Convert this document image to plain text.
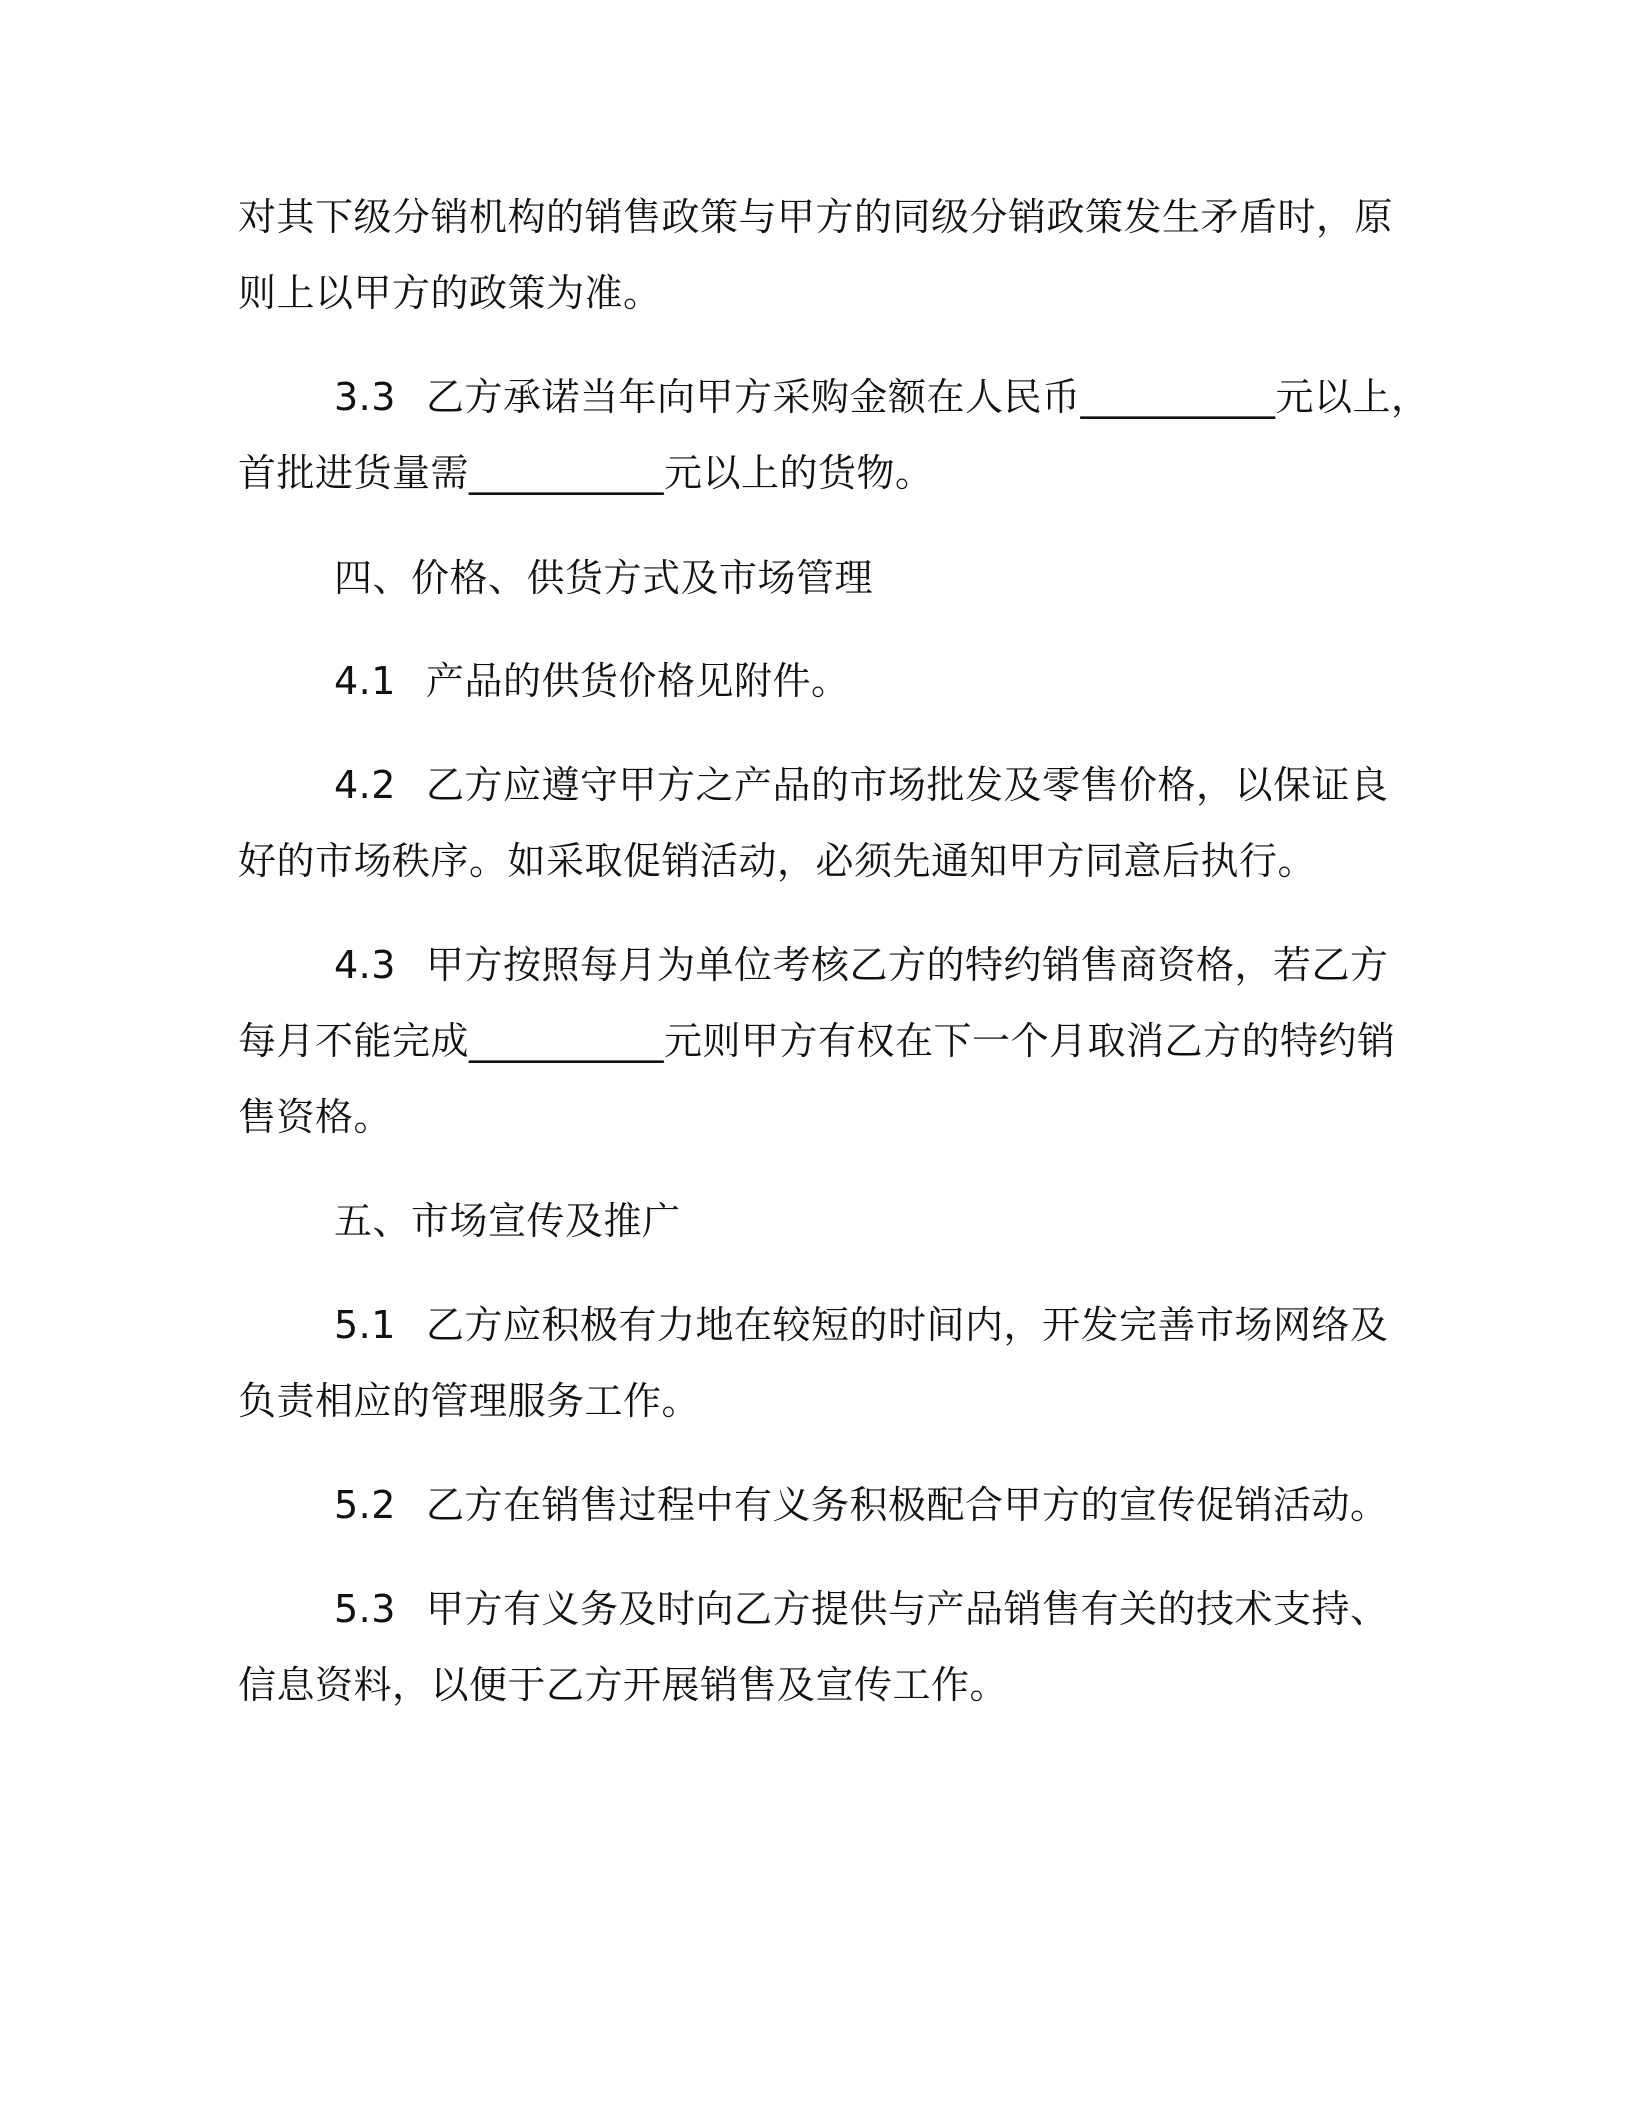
对其下级分销机构的销售政策与甲方的同级分销政策发生矛盾时，原
则上以甲方的政策为准。
3.3 乙方承诺当年向甲方采购金额在人民币__________元以上，
首批进货量需__________元以上的货物。
四、价格、供货方式及市场管理
4.1 产品的供货价格见附件。
4.2 乙方应遵守甲方之产品的市场批发及零售价格，以保证良
好的市场秩序。如采取促销活动，必须先通知甲方同意后执行。
4.3 甲方按照每月为单位考核乙方的特约销售商资格，若乙方
每月不能完成__________元则甲方有权在下一个月取消乙方的特约销
售资格。
五、市场宣传及推广
5.1 乙方应积极有力地在较短的时间内，开发完善市场网络及
负责相应的管理服务工作。
5.2 乙方在销售过程中有义务积极配合甲方的宣传促销活动。
5.3 甲方有义务及时向乙方提供与产品销售有关的技术支持、
信息资料，以便于乙方开展销售及宣传工作。
